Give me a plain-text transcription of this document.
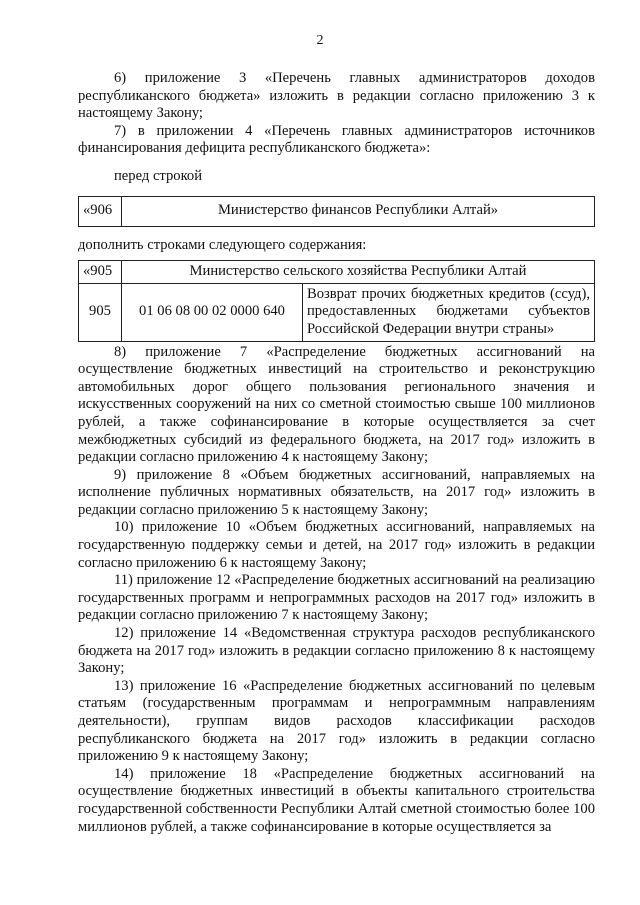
2

6) приложение 3 «Перечень главных администраторов доходов республиканского бюджета» изложить в редакции согласно приложению 3 к настоящему Закону;

7) в приложении 4 «Перечень главных администраторов источников финансирования дефицита республиканского бюджета»:

перед строкой

«906	Министерство финансов Республики Алтай»

дополнить строками следующего содержания:

«905	Министерство сельского хозяйства Республики Алтай	
905	01 06 08 00 02 0000 640	Возврат прочих бюджетных кредитов (ссуд), предоставленных бюджетами субъектов Российской Федерации внутри страны»

8) приложение 7 «Распределение бюджетных ассигнований на осуществление бюджетных инвестиций на строительство и реконструкцию автомобильных дорог общего пользования регионального значения и искусственных сооружений на них со сметной стоимостью свыше 100 миллионов рублей, а также софинансирование в которые осуществляется за счет межбюджетных субсидий из федерального бюджета, на 2017 год» изложить в редакции согласно приложению 4 к настоящему Закону;

9) приложение 8 «Объем бюджетных ассигнований, направляемых на исполнение публичных нормативных обязательств, на 2017 год» изложить в редакции согласно приложению 5 к настоящему Закону;

10) приложение 10 «Объем бюджетных ассигнований, направляемых на государственную поддержку семьи и детей, на 2017 год» изложить в редакции согласно приложению 6 к настоящему Закону;

11) приложение 12 «Распределение бюджетных ассигнований на реализацию государственных программ и непрограммных расходов на 2017 год» изложить в редакции согласно приложению 7 к настоящему Закону;

12) приложение 14 «Ведомственная структура расходов республиканского бюджета на 2017 год» изложить в редакции согласно приложению 8 к настоящему Закону;

13) приложение 16 «Распределение бюджетных ассигнований по целевым статьям (государственным программам и непрограммным направлениям деятельности), группам видов расходов классификации расходов республиканского бюджета на 2017 год» изложить в редакции согласно приложению 9 к настоящему Закону;

14) приложение 18 «Распределение бюджетных ассигнований на осуществление бюджетных инвестиций в объекты капитального строительства государственной собственности Республики Алтай сметной стоимостью более 100 миллионов рублей, а также софинансирование в которые осуществляется за
